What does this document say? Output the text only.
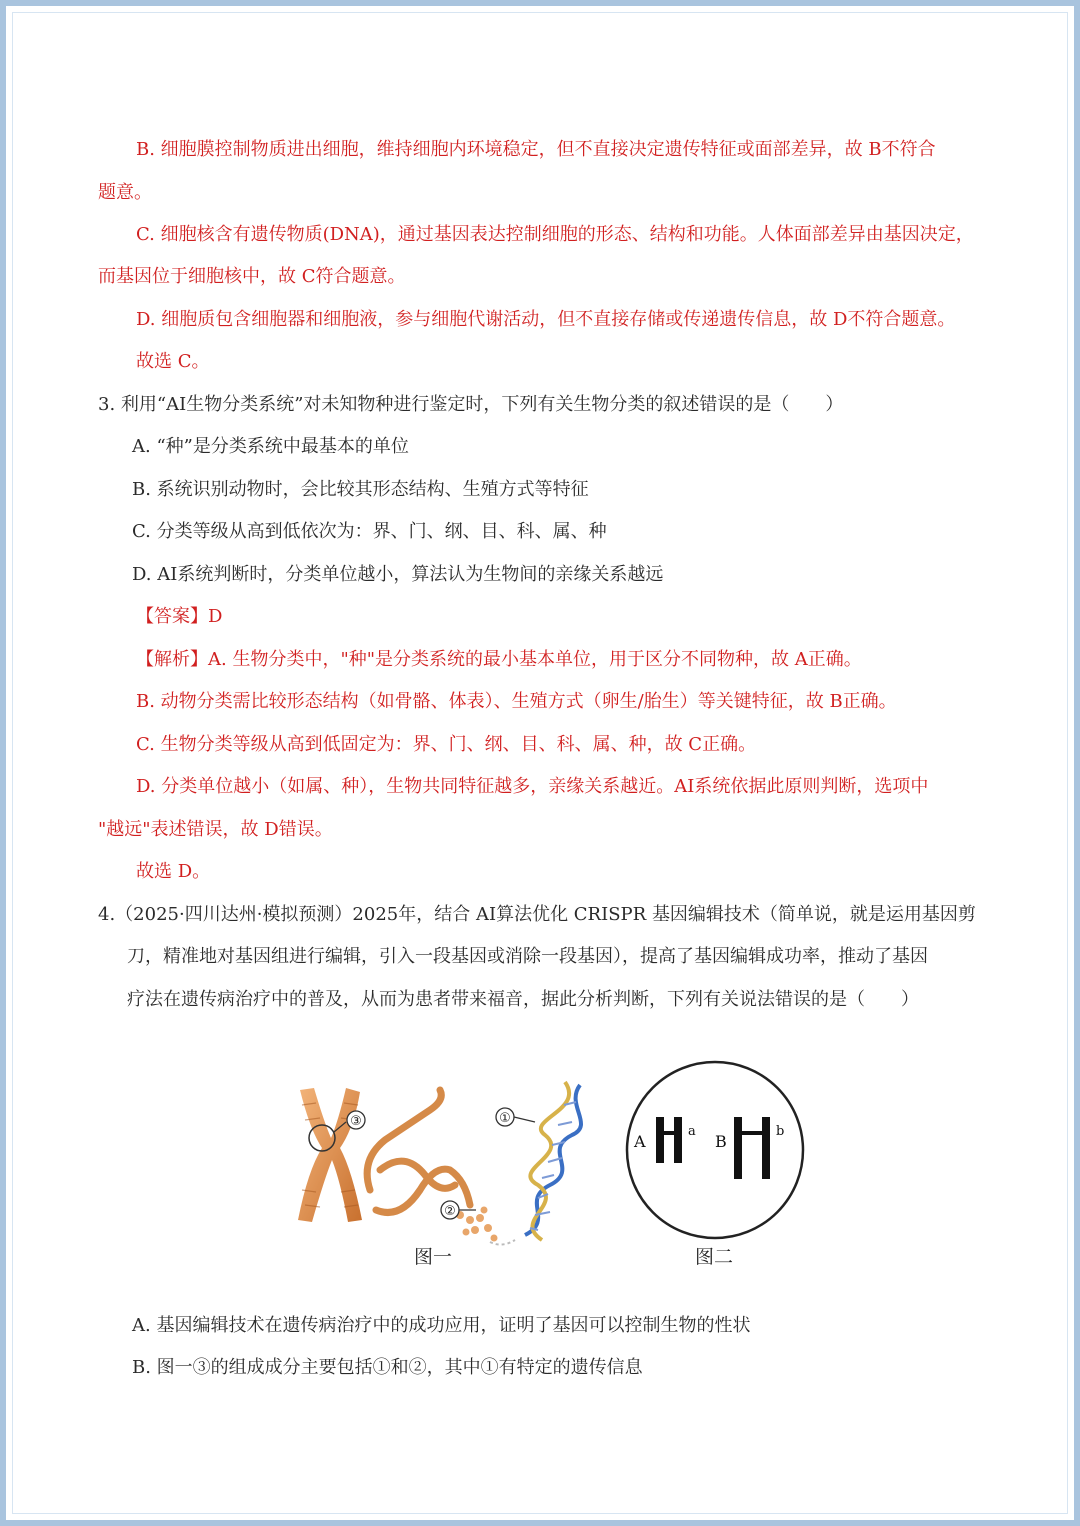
B. 细胞膜控制物质进出细胞，维持细胞内环境稳定，但不直接决定遗传特征或面部差异，故 B不符合
题意。
C. 细胞核含有遗传物质(DNA)，通过基因表达控制细胞的形态、结构和功能。人体面部差异由基因决定，
而基因位于细胞核中，故 C符合题意。
D. 细胞质包含细胞器和细胞液，参与细胞代谢活动，但不直接存储或传递遗传信息，故 D不符合题意。
故选 C。
3. 利用“AI生物分类系统”对未知物种进行鉴定时，下列有关生物分类的叙述错误的是（　　）
A. “种”是分类系统中最基本的单位
B. 系统识别动物时，会比较其形态结构、生殖方式等特征
C. 分类等级从高到低依次为：界、门、纲、目、科、属、种
D. AI系统判断时，分类单位越小，算法认为生物间的亲缘关系越远
【答案】D
【解析】A. 生物分类中，"种"是分类系统的最小基本单位，用于区分不同物种，故 A正确。
B. 动物分类需比较形态结构（如骨骼、体表）、生殖方式（卵生/胎生）等关键特征，故 B正确。
C. 生物分类等级从高到低固定为：界、门、纲、目、科、属、种，故 C正确。
D. 分类单位越小（如属、种），生物共同特征越多，亲缘关系越近。AI系统依据此原则判断，选项中
"越远"表述错误，故 D错误。
故选 D。
4.（2025·四川达州·模拟预测）2025年，结合 AI算法优化 CRISPR 基因编辑技术（简单说，就是运用基因剪
刀，精准地对基因组进行编辑，引入一段基因或消除一段基因），提高了基因编辑成功率，推动了基因
疗法在遗传病治疗中的普及，从而为患者带来福音，据此分析判断，下列有关说法错误的是（　　）
③	①
②
图一
A
a
B
b
图二
A. 基因编辑技术在遗传病治疗中的成功应用，证明了基因可以控制生物的性状
B. 图一③的组成成分主要包括①和②，其中①有特定的遗传信息
